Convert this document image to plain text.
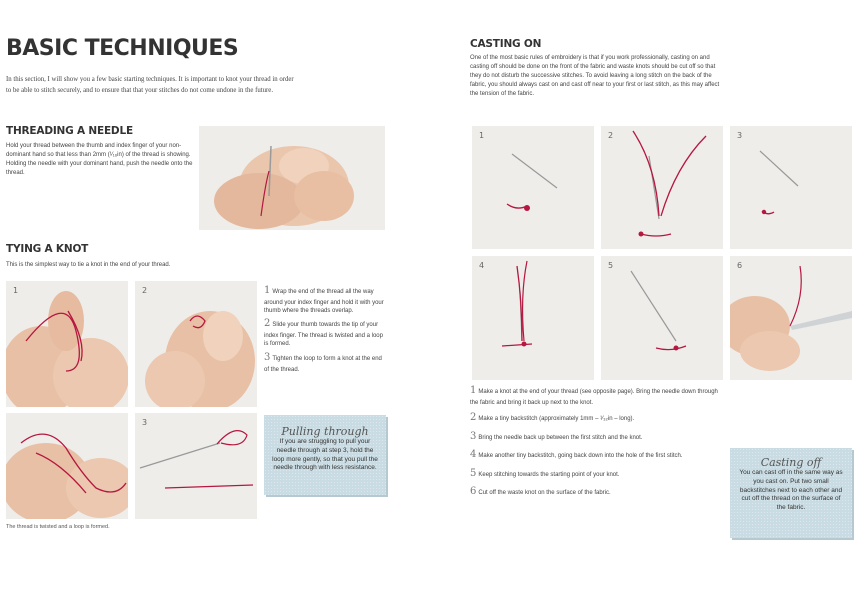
BASIC TECHNIQUES
In this section, I will show you a few basic starting techniques. It is important to knot your thread in order to be able to stitch securely, and to ensure that that your stitches do not come undone in the future.
THREADING A NEEDLE
Hold your thread between the thumb and index finger of your non-dominant hand so that less than 2mm (¹⁄₁₆in) of the thread is showing. Holding the needle with your dominant hand, push the needle onto the thread.
TYING A KNOT
This is the simplest way to tie a knot in the end of your thread.
1	2
3
The thread is twisted and a loop is formed.
1 Wrap the end of the thread all the way around your index finger and hold it with your thumb where the threads overlap.
2 Slide your thumb towards the tip of your index finger. The thread is twisted and a loop is formed.
3 Tighten the loop to form a knot at the end of the thread.
Pulling through
If you are struggling to pull your needle through at step 3, hold the loop more gently, so that you pull the needle through with less resistance.
CASTING ON
One of the most basic rules of embroidery is that if you work professionally, casting on and casting off should be done on the front of the fabric and waste knots should be cut off so that they do not disturb the successive stitches. To avoid leaving a long stitch on the back of the fabric, you should always cast on and cast off near to your first or last stitch, as this may affect the tension of the fabric.
1	2	3
4	5	6
1 Make a knot at the end of your thread (see opposite page). Bring the needle down through the fabric and bring it back up next to the knot.
2 Make a tiny backstitch (approximately 1mm – ¹⁄₃₂in – long).
3 Bring the needle back up between the first stitch and the knot.
4 Make another tiny backstitch, going back down into the hole of the first stitch.
5 Keep stitching towards the starting point of your knot.
6 Cut off the waste knot on the surface of the fabric.
Casting off
You can cast off in the same way as you cast on. Put two small backstitches next to each other and cut off the thread on the surface of the fabric.
